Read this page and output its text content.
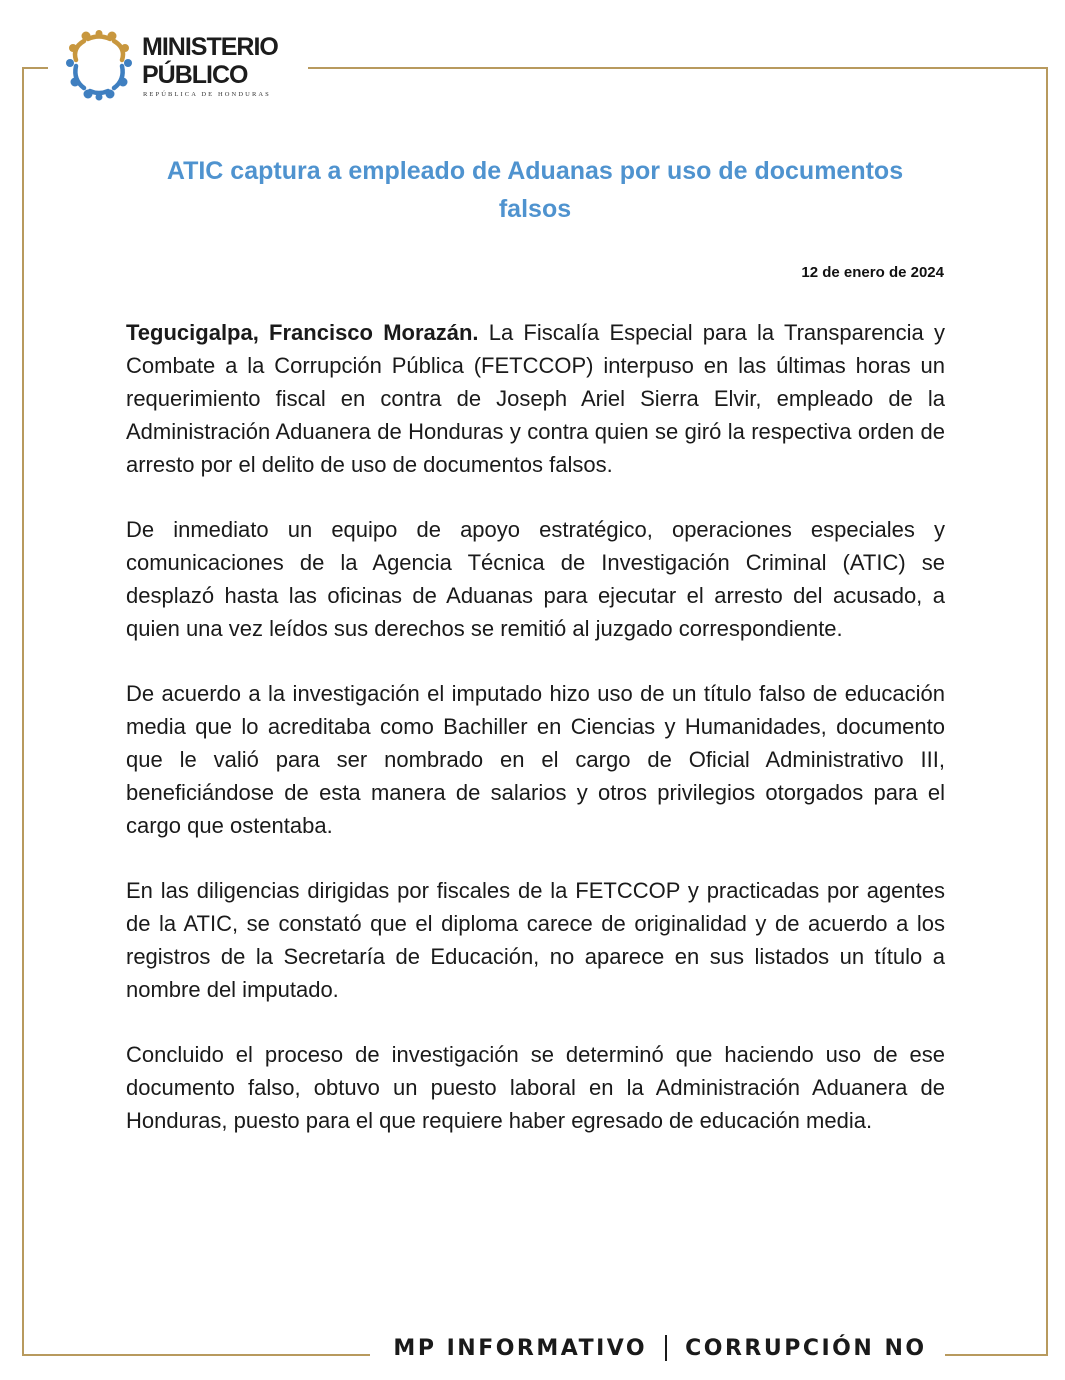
MINISTERIO
PÚBLICO
REPÚBLICA DE HONDURAS
ATIC captura a empleado de Aduanas por uso de documentos falsos
12 de enero de 2024

Tegucigalpa, Francisco Morazán. La Fiscalía Especial para la Transparencia y Combate a la Corrupción Pública (FETCCOP) interpuso en las últimas horas un requerimiento fiscal en contra de Joseph Ariel Sierra Elvir, empleado de la Administración Aduanera de Honduras y contra quien se giró la respectiva orden de arresto por el delito de uso de documentos falsos.

De inmediato un equipo de apoyo estratégico, operaciones especiales y comunicaciones de la Agencia Técnica de Investigación Criminal (ATIC) se desplazó hasta las oficinas de Aduanas para ejecutar el arresto del acusado, a quien una vez leídos sus derechos se remitió al juzgado correspondiente.

De acuerdo a la investigación el imputado hizo uso de un título falso de educación media que lo acreditaba como Bachiller en Ciencias y Humanidades, documento que le valió para ser nombrado en el cargo de Oficial Administrativo III, beneficiándose de esta manera de salarios y otros privilegios otorgados para el cargo que ostentaba.

En las diligencias dirigidas por fiscales de la FETCCOP y practicadas por agentes de la ATIC, se constató que el diploma carece de originalidad y de acuerdo a los registros de la Secretaría de Educación, no aparece en sus listados un título a nombre del imputado.

Concluido el proceso de investigación se determinó que haciendo uso de ese documento falso, obtuvo un puesto laboral en la Administración Aduanera de Honduras, puesto para el que requiere haber egresado de educación media.

MP INFORMATIVO CORRUPCIÓN NO
